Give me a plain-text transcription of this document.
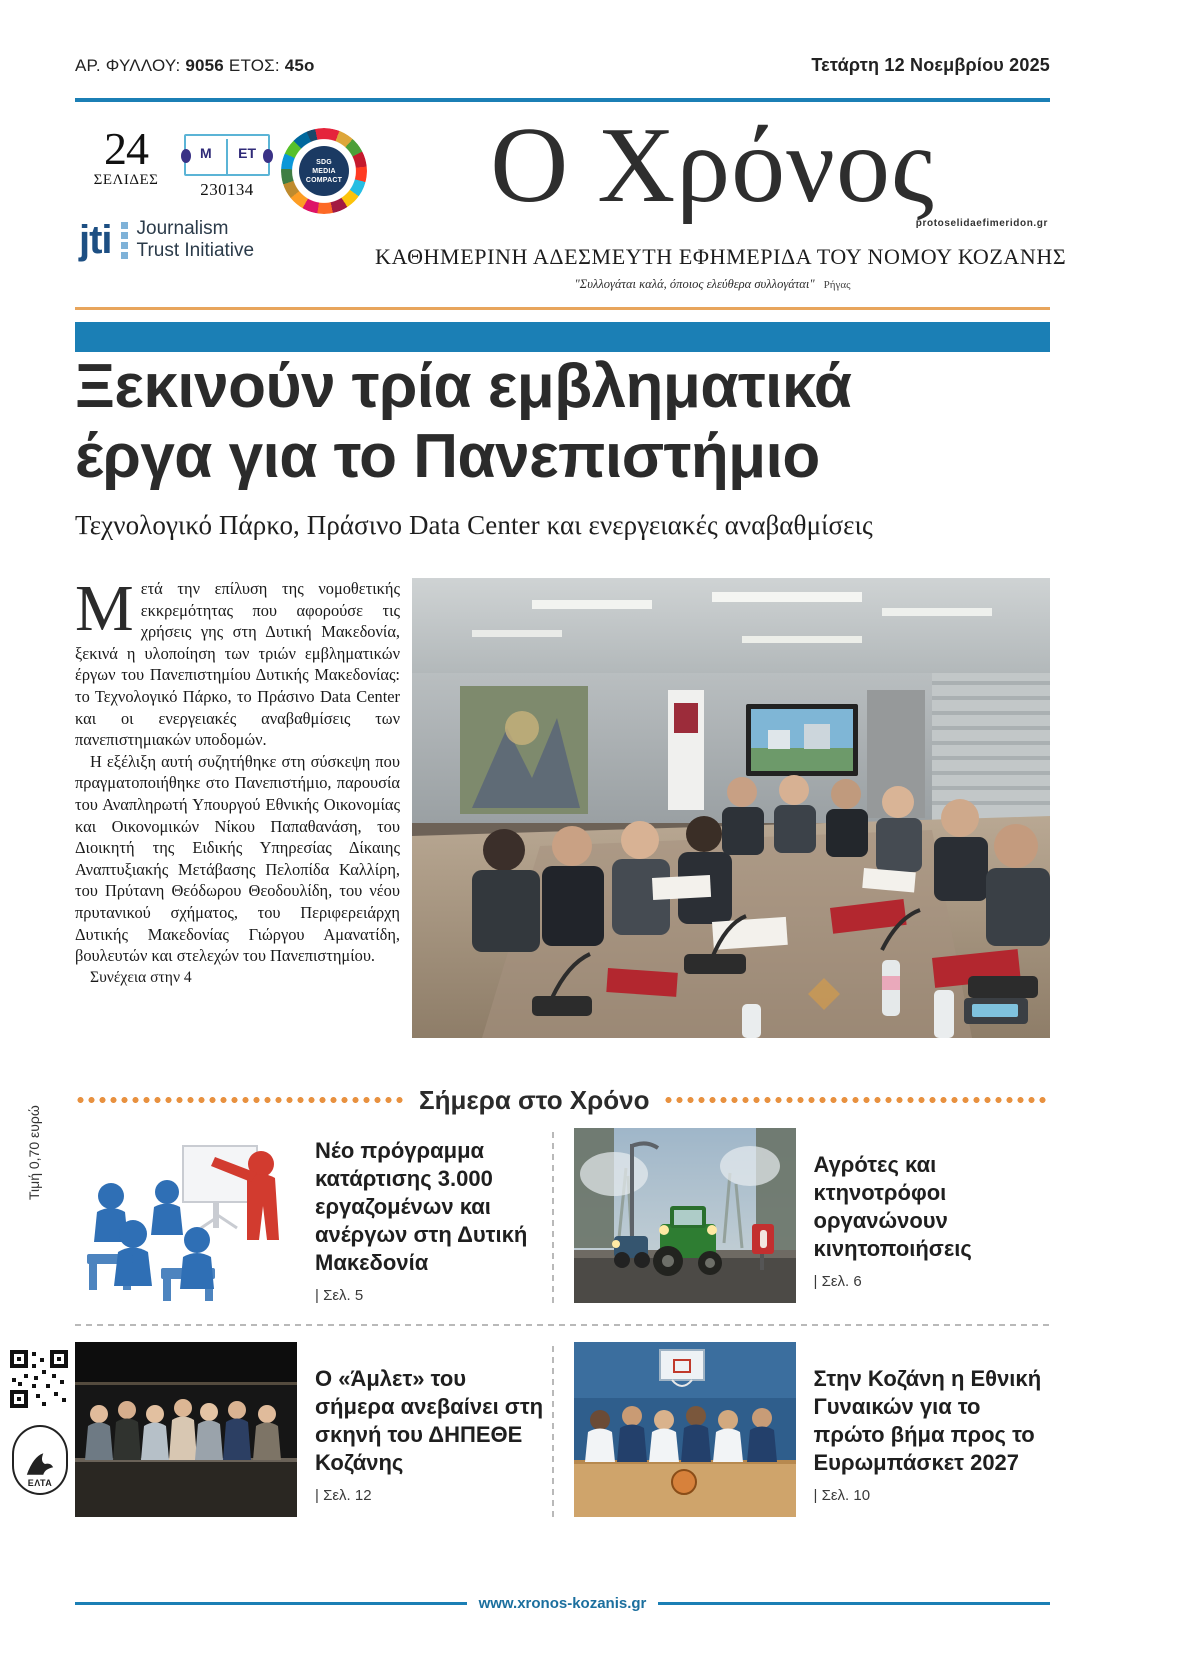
ΑΡ. ΦΥΛΛΟΥ: 9056 ΕΤΟΣ: 45ο	Τετάρτη 12 Νοεμβρίου 2025
24
ΣΕΛΙΔΕΣ
Μ ΕΤ
230134
SDG
MEDIA
COMPACT
jti Journalism
Trust Initiative
Ο Χρόνος
protoselidaefimeridon.gr
ΚΑΘΗΜΕΡΙΝΗ ΑΔΕΣΜΕΥΤΗ ΕΦΗΜΕΡΙΔΑ ΤΟΥ ΝΟΜΟΥ ΚΟΖΑΝΗΣ
"Συλλογάται καλά, όποιος ελεύθερα συλλογάται" Ρήγας
Ξεκινούν τρία εμβληματικά
έργα για το Πανεπιστήμιο
Τεχνολογικό Πάρκο, Πράσινο Data Center και ενεργειακές αναβαθμίσεις

Μετά την επίλυση της νομοθετικής εκκρεμότητας που αφορούσε τις χρήσεις γης στη Δυτική Μακεδονία, ξεκινά η υλοποίηση των τριών εμβληματικών έργων του Πανεπιστημίου Δυτικής Μακεδονίας: το Τεχνολογικό Πάρκο, το Πράσινο Data Center και οι ενεργειακές αναβαθμίσεις των πανεπιστημιακών υποδομών.

Η εξέλιξη αυτή συζητήθηκε στη σύσκεψη που πραγματοποιήθηκε στο Πανεπιστήμιο, παρουσία του Αναπληρωτή Υπουργού Εθνικής Οικονομίας και Οικονομικών Νίκου Παπαθανάση, του Διοικητή της Ειδικής Υπηρεσίας Δίκαιης Αναπτυξιακής Μετάβασης Πελοπίδα Καλλίρη, του Πρύτανη Θεόδωρου Θεοδουλίδη, του νέου πρυτανικού σχήματος, του Περιφερειάρχη Δυτικής Μακεδονίας Γιώργου Αμανατίδη, βουλευτών και στελεχών του Πανεπιστημίου.

Συνέχεια στην 4

Σήμερα στο Χρόνο
Νέο πρόγραμμα κατάρτισης 3.000 εργαζομένων και ανέργων στη Δυτική Μακεδονία
| Σελ. 5
Αγρότες και κτηνοτρόφοι οργανώνουν κινητοποιήσεις
| Σελ. 6
Ο «Άμλετ» του σήμερα ανεβαίνει στη σκηνή του ΔΗΠΕΘΕ Κοζάνης
| Σελ. 12
Στην Κοζάνη η Εθνική Γυναικών για το πρώτο βήμα προς το Ευρωμπάσκετ 2027
| Σελ. 10
www.xronos-kozanis.gr
Τιμή 0,70 ευρώ
ΕΛΤΑ
